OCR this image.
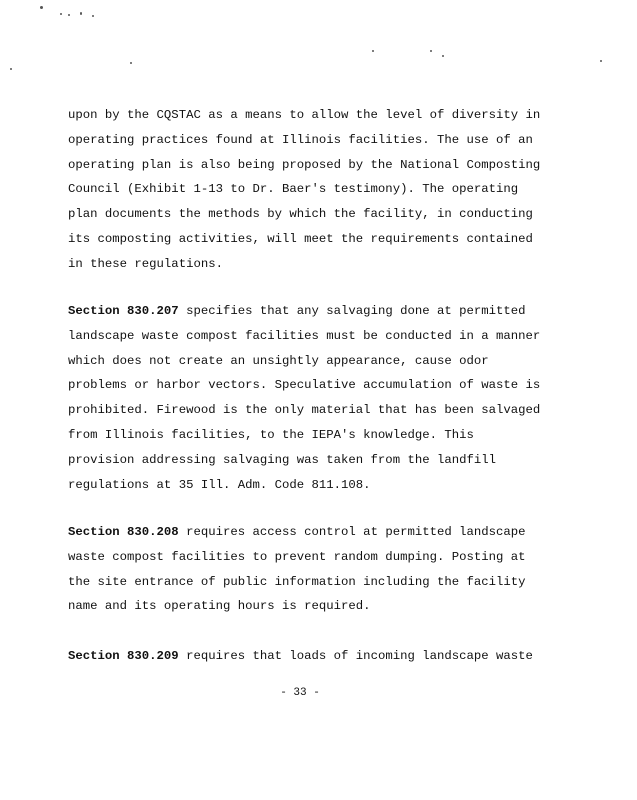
upon by the CQSTAC as a means to allow the level of diversity in
operating practices found at Illinois facilities. The use of an
operating plan is also being proposed by the National Composting
Council (Exhibit 1-13 to Dr. Baer's testimony). The operating
plan documents the methods by which the facility, in conducting
its composting activities, will meet the requirements contained
in these regulations.
Section 830.207 specifies that any salvaging done at permitted
landscape waste compost facilities must be conducted in a manner
which does not create an unsightly appearance, cause odor
problems or harbor vectors. Speculative accumulation of waste is
prohibited. Firewood is the only material that has been salvaged
from Illinois facilities, to the IEPA's knowledge. This
provision addressing salvaging was taken from the landfill
regulations at 35 Ill. Adm. Code 811.108.
Section 830.208 requires access control at permitted landscape
waste compost facilities to prevent random dumping. Posting at
the site entrance of public information including the facility
name and its operating hours is required.
Section 830.209 requires that loads of incoming landscape waste
- 33 -
